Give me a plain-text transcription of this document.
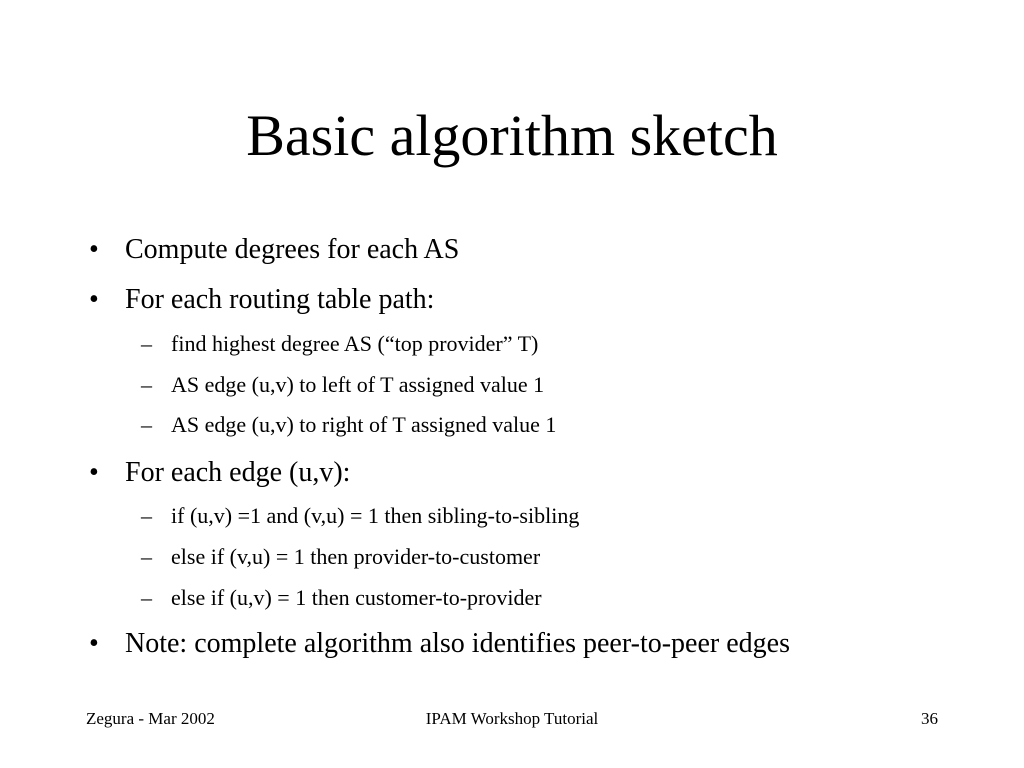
Basic algorithm sketch
• Compute degrees for each AS
• For each routing table path:
– find highest degree AS (“top provider” T)
– AS edge (u,v) to left of T assigned value 1
– AS edge (u,v) to right of T assigned value 1
• For each edge (u,v):
– if (u,v) =1 and (v,u) = 1 then sibling-to-sibling
– else if (v,u) = 1 then provider-to-customer
– else if (u,v) = 1 then customer-to-provider
• Note: complete algorithm also identifies peer-to-peer edges
Zegura - Mar 2002	IPAM Workshop Tutorial	36
